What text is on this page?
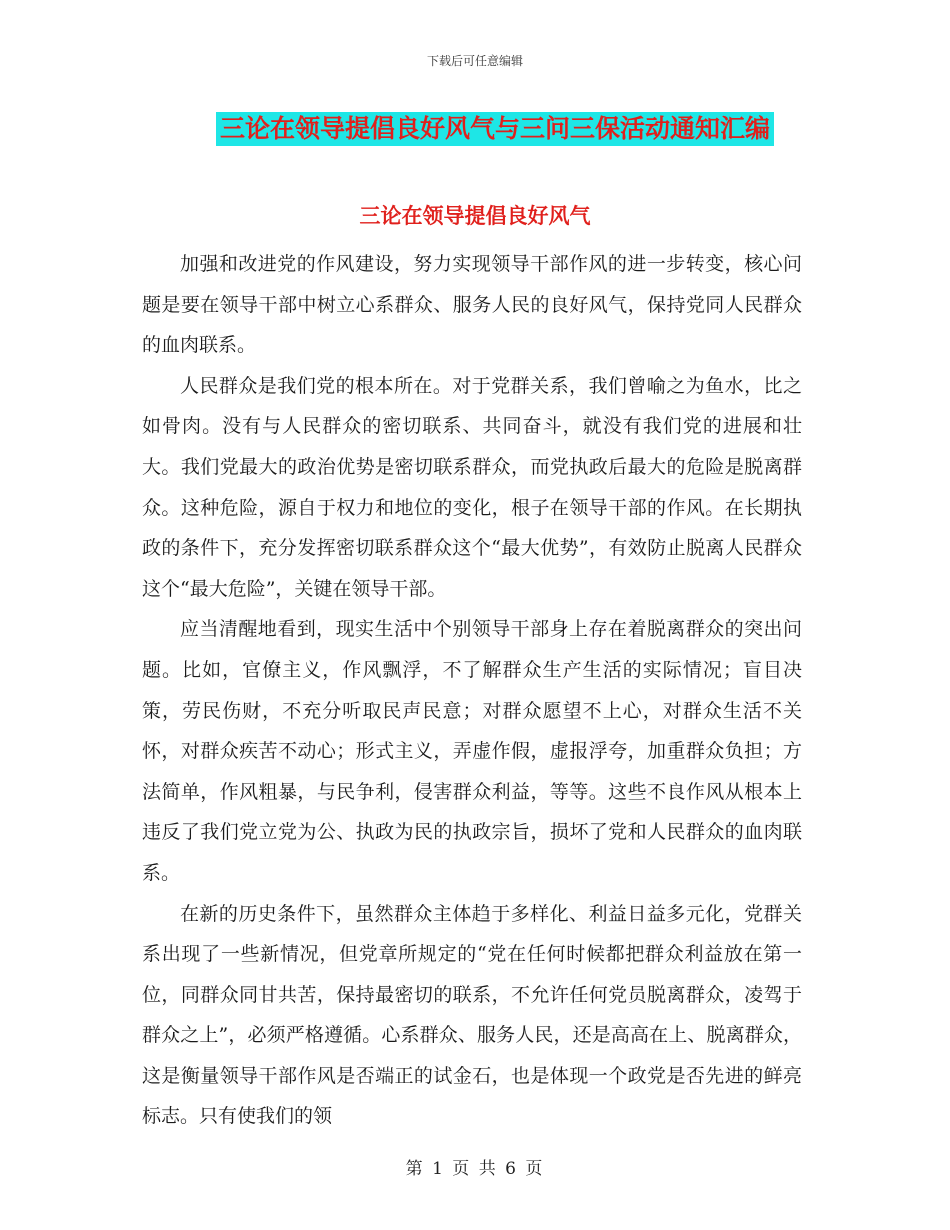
下载后可任意编辑
三论在领导提倡良好风气与三问三保活动通知汇编
三论在领导提倡良好风气

加强和改进党的作风建设，努力实现领导干部作风的进一步转变，核心问题是要在领导干部中树立心系群众、服务人民的良好风气，保持党同人民群众的血肉联系。

人民群众是我们党的根本所在。对于党群关系，我们曾喻之为鱼水，比之如骨肉。没有与人民群众的密切联系、共同奋斗，就没有我们党的进展和壮大。我们党最大的政治优势是密切联系群众，而党执政后最大的危险是脱离群众。这种危险，源自于权力和地位的变化，根子在领导干部的作风。在长期执政的条件下，充分发挥密切联系群众这个“最大优势”，有效防止脱离人民群众这个“最大危险”，关键在领导干部。

应当清醒地看到，现实生活中个别领导干部身上存在着脱离群众的突出问题。比如，官僚主义，作风飘浮，不了解群众生产生活的实际情况；盲目决策，劳民伤财，不充分听取民声民意；对群众愿望不上心，对群众生活不关怀，对群众疾苦不动心；形式主义，弄虚作假，虚报浮夸，加重群众负担；方法简单，作风粗暴，与民争利，侵害群众利益，等等。这些不良作风从根本上违反了我们党立党为公、执政为民的执政宗旨，损坏了党和人民群众的血肉联系。

在新的历史条件下，虽然群众主体趋于多样化、利益日益多元化，党群关系出现了一些新情况，但党章所规定的“党在任何时候都把群众利益放在第一位，同群众同甘共苦，保持最密切的联系，不允许任何党员脱离群众，凌驾于群众之上”，必须严格遵循。心系群众、服务人民，还是高高在上、脱离群众，这是衡量领导干部作风是否端正的试金石，也是体现一个政党是否先进的鲜亮标志。只有使我们的领

第 1 页 共 6 页
